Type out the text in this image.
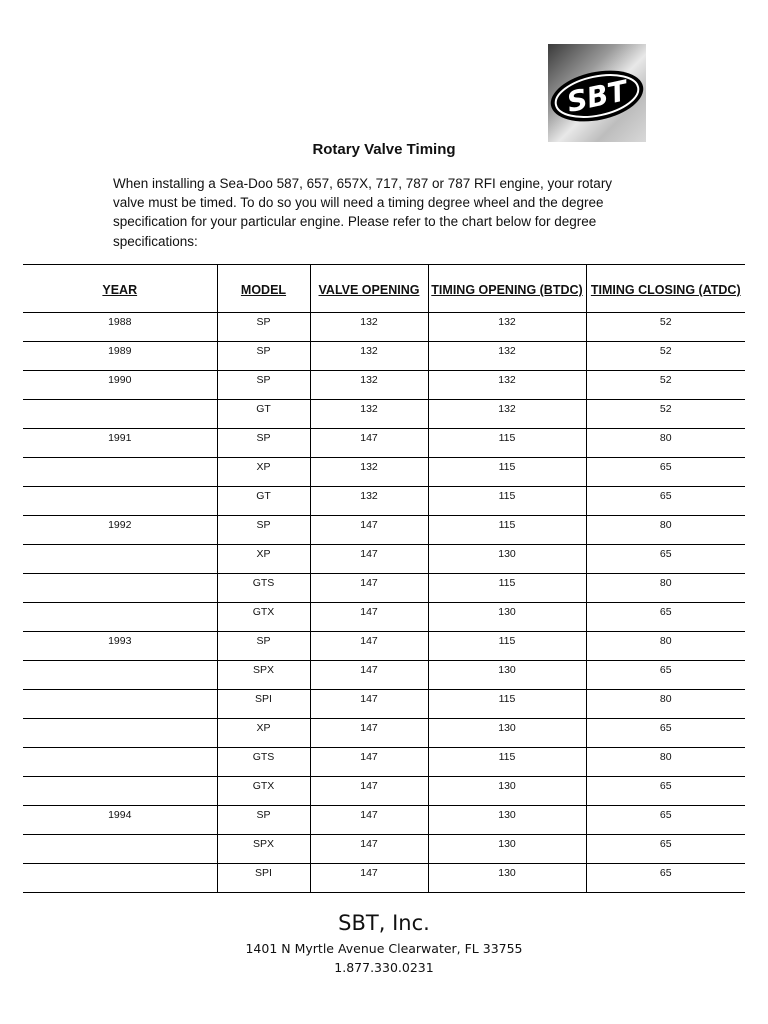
SBT
Rotary Valve Timing

When installing a Sea-Doo 587, 657, 657X, 717, 787 or 787 RFI engine, your rotary valve must be timed. To do so you will need a timing degree wheel and the degree specification for your particular engine. Please refer to the chart below for degree specifications:

YEAR	MODEL	VALVE OPENING	TIMING OPENING (BTDC)	TIMING CLOSING (ATDC)
1988	SP	132	132	52
1989	SP	132	132	52
1990	SP	132	132	52
	GT	132	132	52
1991	SP	147	115	80
	XP	132	115	65
	GT	132	115	65
1992	SP	147	115	80
	XP	147	130	65
	GTS	147	115	80
	GTX	147	130	65
1993	SP	147	115	80
	SPX	147	130	65
	SPI	147	115	80
	XP	147	130	65
	GTS	147	115	80
	GTX	147	130	65
1994	SP	147	130	65
	SPX	147	130	65
	SPI	147	130	65
SBT, Inc.
1401 N Myrtle Avenue Clearwater, FL 33755
1.877.330.0231
